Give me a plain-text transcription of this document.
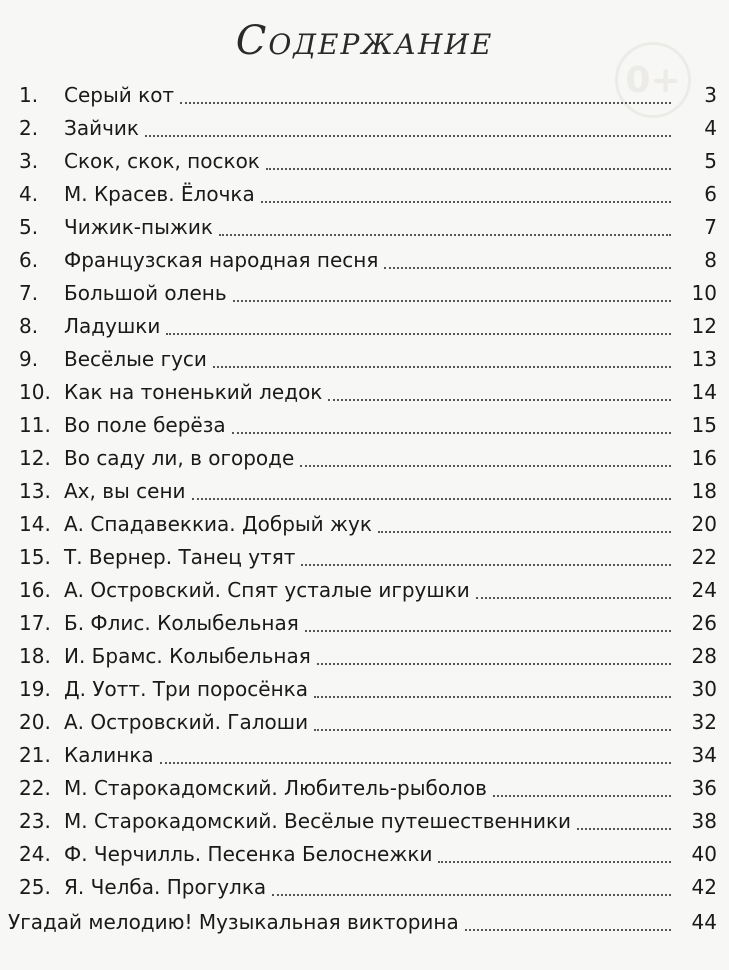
Содержание
0+
1.	Серый кот	3
2.	Зайчик	4
3.	Скок, скок, поскок	5
4.	М. Красев. Ёлочка	6
5.	Чижик-пыжик	7
6.	Французская народная песня	8
7.	Большой олень	10
8.	Ладушки	12
9.	Весёлые гуси	13
10. Как на тоненький ледок	14
11. Во поле берёза	15
12. Во саду ли, в огороде	16
13. Ах, вы сени	18
14. А. Спадавеккиа. Добрый жук	20
15. Т. Вернер. Танец утят	22
16. А. Островский. Спят усталые игрушки	24
17. Б. Флис. Колыбельная	26
18. И. Брамс. Колыбельная	28
19. Д. Уотт. Три поросёнка	30
20. А. Островский. Галоши	32
21. Калинка	34
22. М. Старокадомский. Любитель-рыболов	36
23. М. Старокадомский. Весёлые путешественники	38
24. Ф. Черчилль. Песенка Белоснежки	40
25. Я. Челба. Прогулка	42
Угадай мелодию! Музыкальная викторина	44
